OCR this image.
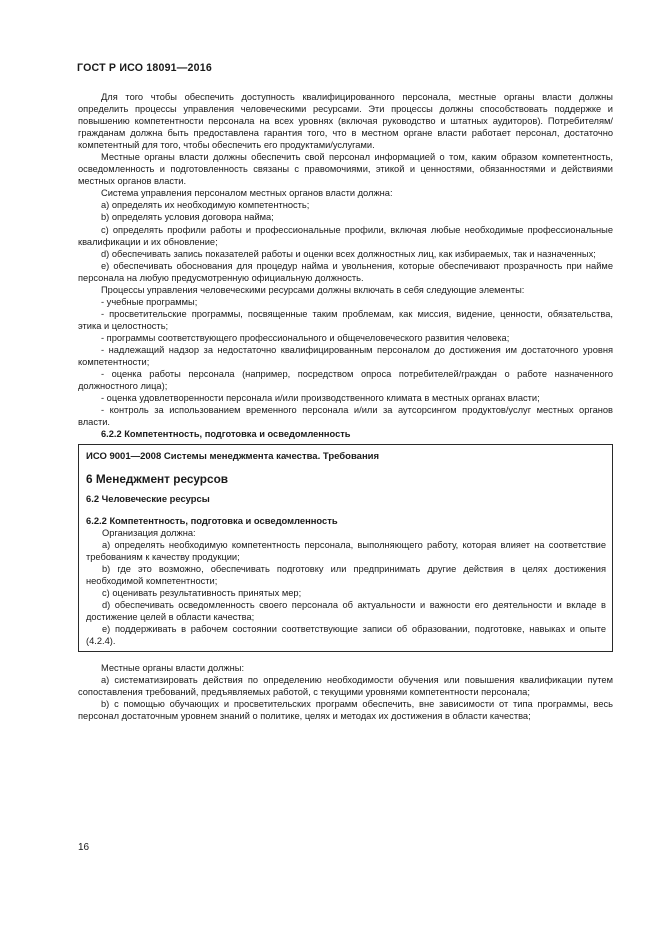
ГОСТ Р ИСО 18091—2016

Для того чтобы обеспечить доступность квалифицированного персонала, местные органы власти должны определить процессы управления человеческими ресурсами. Эти процессы должны способствовать поддержке и повышению компетентности персонала на всех уровнях (включая руководство и штатных аудиторов). Потребителям/гражданам должна быть предоставлена гарантия того, что в местном органе власти работает персонал, достаточно компетентный для того, чтобы обеспечить его продуктами/услугами.

Местные органы власти должны обеспечить свой персонал информацией о том, каким образом компетентность, осведомленность и подготовленность связаны с правомочиями, этикой и ценностями, обязанностями и действиями местных органов власти.

Система управления персоналом местных органов власти должна:

а) определять их необходимую компетентность;

b) определять условия договора найма;

c) определять профили работы и профессиональные профили, включая любые необходимые профессиональные квалификации и их обновление;

d) обеспечивать запись показателей работы и оценки всех должностных лиц, как избираемых, так и назначенных;

e) обеспечивать обоснования для процедур найма и увольнения, которые обеспечивают прозрачность при найме персонала на любую предусмотренную официальную должность.

Процессы управления человеческими ресурсами должны включать в себя следующие элементы:

- учебные программы;

- просветительские программы, посвященные таким проблемам, как миссия, видение, ценности, обязательства, этика и целостность;

- программы соответствующего профессионального и общечеловеческого развития человека;

- надлежащий надзор за недостаточно квалифицированным персоналом до достижения им достаточного уровня компетентности;

- оценка работы персонала (например, посредством опроса потребителей/граждан о работе назначенного должностного лица);

- оценка удовлетворенности персонала и/или производственного климата в местных органах власти;

- контроль за использованием временного персонала и/или за аутсорсингом продуктов/услуг местных органов власти.

6.2.2 Компетентность, подготовка и осведомленность

ИСО 9001—2008 Системы менеджмента качества. Требования

6 Менеджмент ресурсов

6.2 Человеческие ресурсы

6.2.2 Компетентность, подготовка и осведомленность

Организация должна:

а) определять необходимую компетентность персонала, выполняющего работу, которая влияет на соответствие требованиям к качеству продукции;

b) где это возможно, обеспечивать подготовку или предпринимать другие действия в целях достижения необходимой компетентности;

c) оценивать результативность принятых мер;

d) обеспечивать осведомленность своего персонала об актуальности и важности его деятельности и вкладе в достижение целей в области качества;

e) поддерживать в рабочем состоянии соответствующие записи об образовании, подготовке, навыках и опыте (4.2.4).

Местные органы власти должны:

а) систематизировать действия по определению необходимости обучения или повышения квалификации путем сопоставления требований, предъявляемых работой, с текущими уровнями компетентности персонала;

b) с помощью обучающих и просветительских программ обеспечить, вне зависимости от типа программы, весь персонал достаточным уровнем знаний о политике, целях и методах их достижения в области качества;

16
